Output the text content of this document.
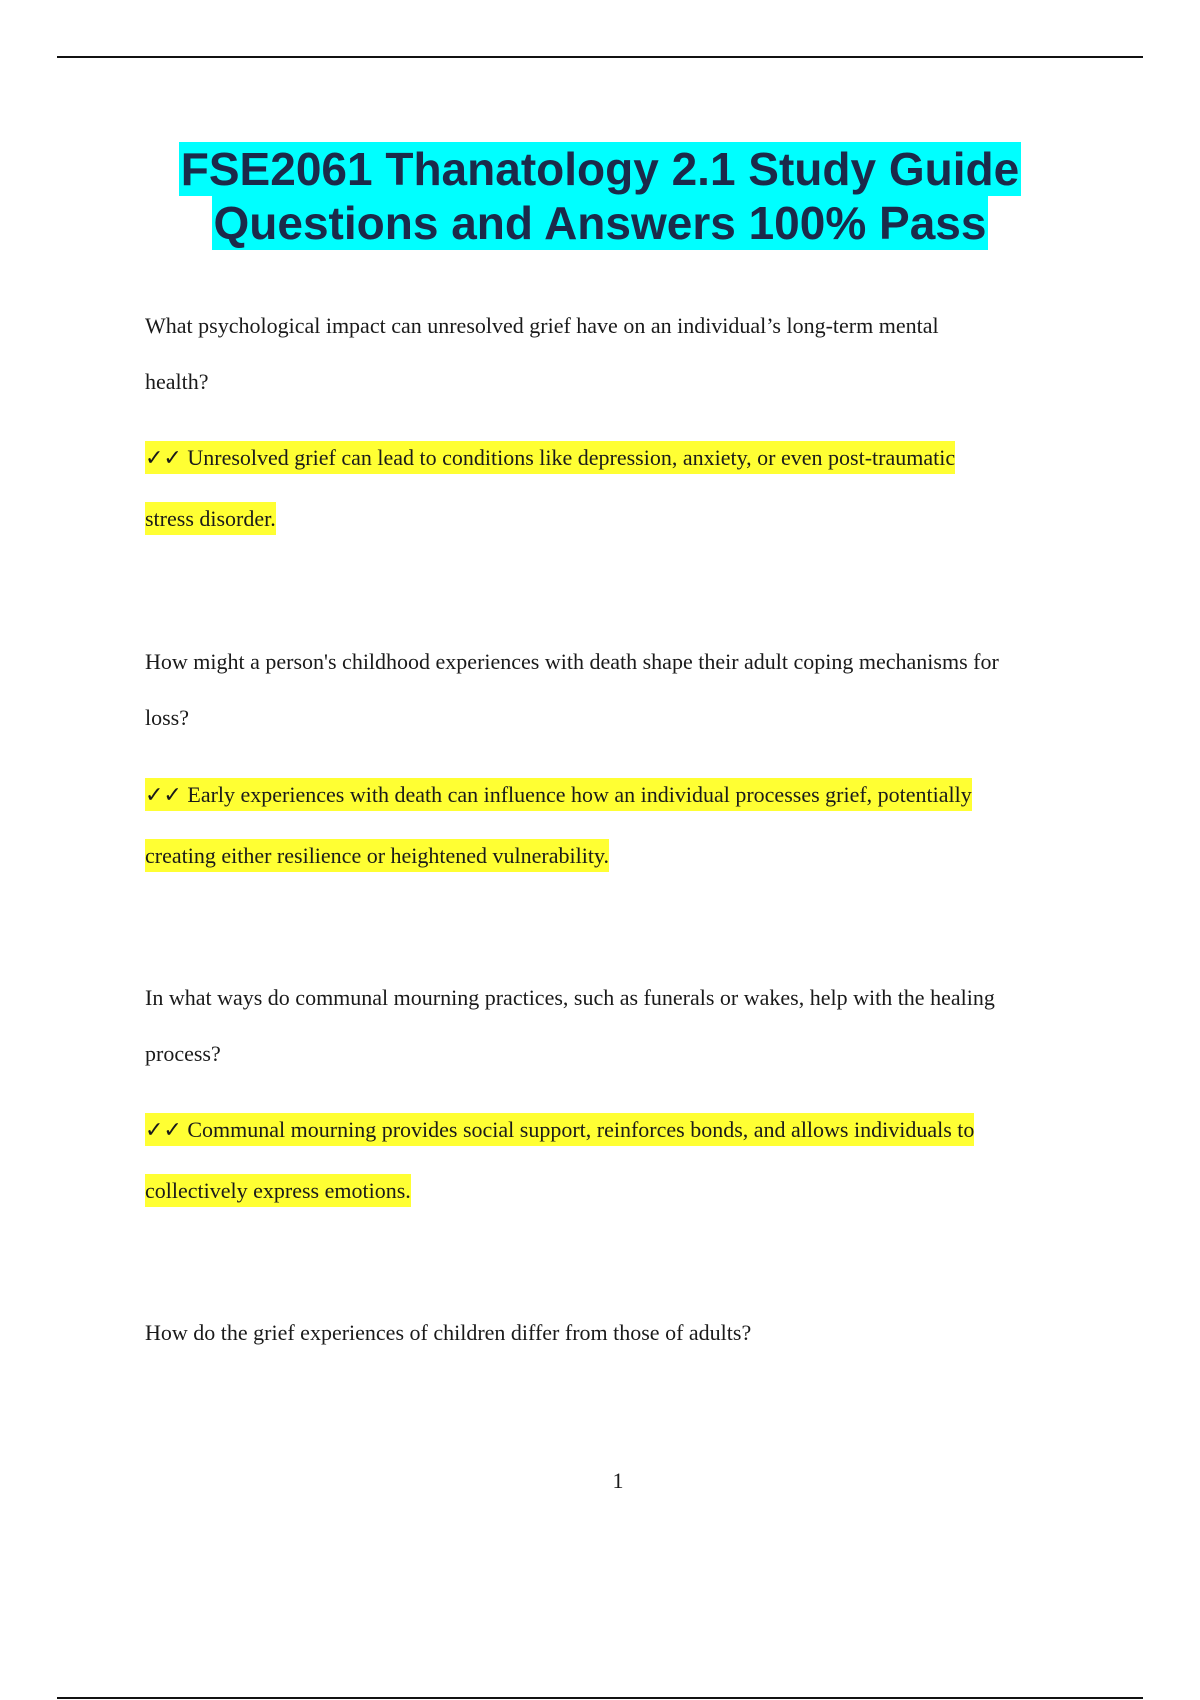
FSE2061 Thanatology 2.1 Study Guide
Questions and Answers 100% Pass
What psychological impact can unresolved grief have on an individual’s long-term mental
health?
✓✓ Unresolved grief can lead to conditions like depression, anxiety, or even post-traumatic
stress disorder.
How might a person's childhood experiences with death shape their adult coping mechanisms for
loss?
✓✓ Early experiences with death can influence how an individual processes grief, potentially
creating either resilience or heightened vulnerability.
In what ways do communal mourning practices, such as funerals or wakes, help with the healing
process?
✓✓ Communal mourning provides social support, reinforces bonds, and allows individuals to
collectively express emotions.
How do the grief experiences of children differ from those of adults?
1
